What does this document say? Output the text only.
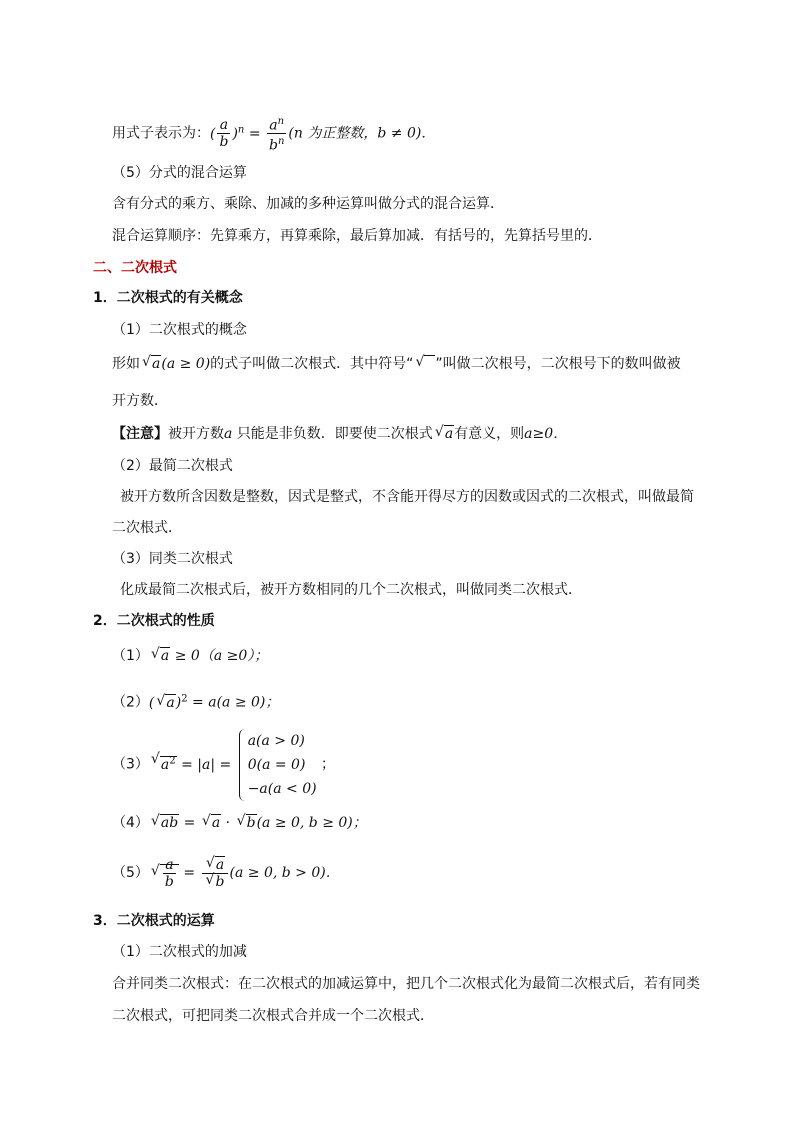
用式子表示为：( $\frac{a}{b} )^n = \frac{a^n}{b^n} (n$ 为正整数，b ≠ 0)．
（5）分式的混合运算
含有分式的乘方、乘除、加减的多种运算叫做分式的混合运算．
混合运算顺序：先算乘方，再算乘除，最后算加减．有括号的，先算括号里的．
二、二次根式
1．二次根式的有关概念
（1）二次根式的概念
形如 √ a(a ≥ 0)的式子叫做二次根式．其中符号“ √ ”叫做二次根号，二次根号下的数叫做被
开方数．
【注意】被开方数a 只能是非负数．即要使二次根式 √ a有意义，则a≥0．
（2）最简二次根式
被开方数所含因数是整数，因式是整式，不含能开得尽方的因数或因式的二次根式，叫做最简
二次根式．
（3）同类二次根式
化成最简二次根式后，被开方数相同的几个二次根式，叫做同类二次根式．
2．二次根式的性质
（1） √ a ≥ 0（a ≥0）；
（2）( √ a)$^2$ = a(a ≥ 0)；
（3） √ $a^2 = |a|$ =
a(a > 0)
0(a = 0)
−a(a < 0)
；
（4） √ ab = √ a · √ b(a ≥ 0, b ≥ 0)；
（5） √ $\frac{a}{b}$ = √ a
√ b (a ≥ 0, b > 0)．
3．二次根式的运算
（1）二次根式的加减
合并同类二次根式：在二次根式的加减运算中，把几个二次根式化为最简二次根式后，若有同类
二次根式，可把同类二次根式合并成一个二次根式．
